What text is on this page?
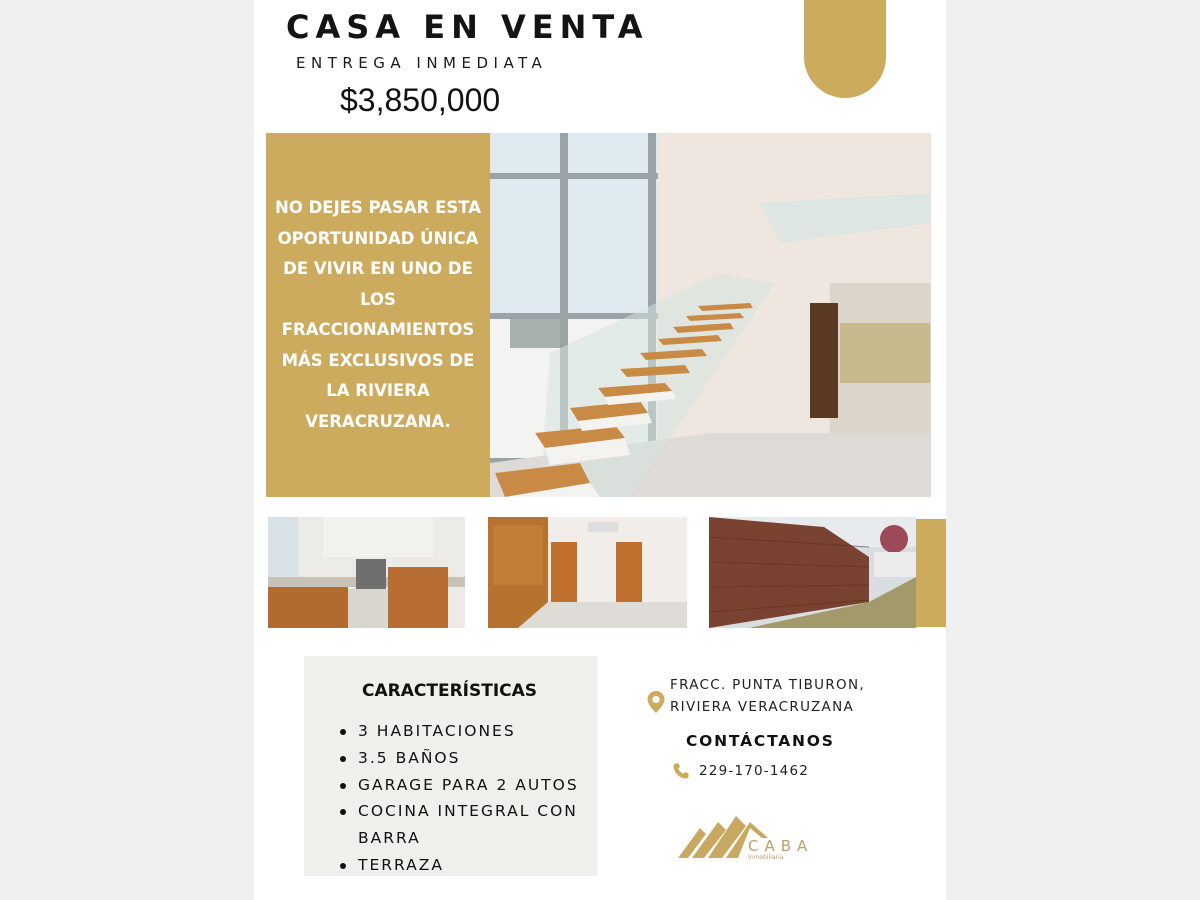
CASA EN VENTA
ENTREGA INMEDIATA
$3,850,000
NO DEJES PASAR ESTA OPORTUNIDAD ÚNICA DE VIVIR EN UNO DE LOS FRACCIONAMIENTOS MÁS EXCLUSIVOS DE LA RIVIERA VERACRUZANA.
CARACTERÍSTICAS
3 HABITACIONES
3.5 BAÑOS
GARAGE PARA 2 AUTOS
COCINA INTEGRAL CON BARRA
TERRAZA
FRACC. PUNTA TIBURON,
RIVIERA VERACRUZANA
CONTÁCTANOS
229-170-1462
CABA
Inmobiliaria
